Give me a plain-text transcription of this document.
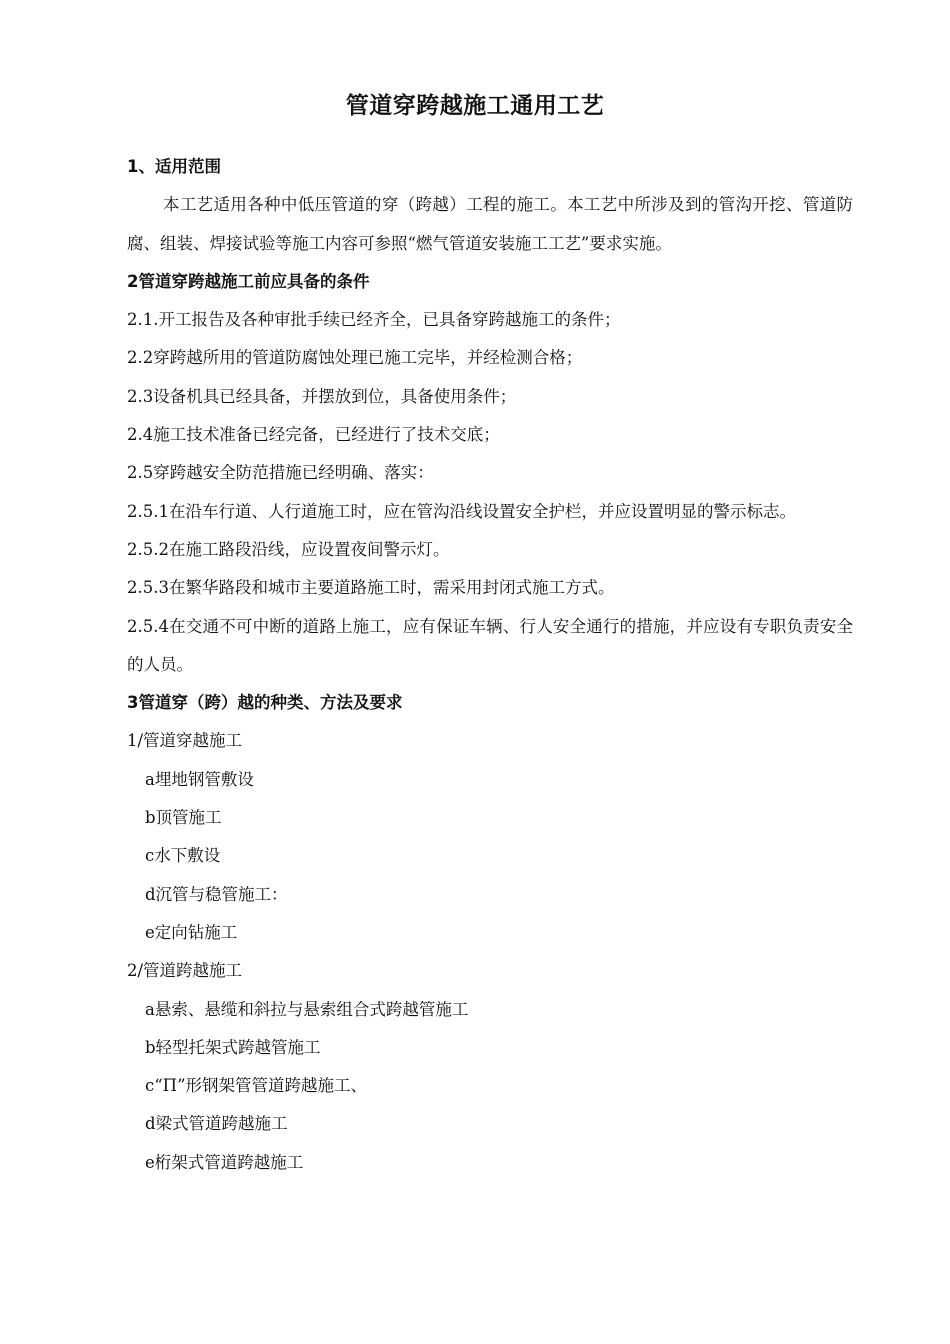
管道穿跨越施工通用工艺
1、适用范围

本工艺适用各种中低压管道的穿（跨越）工程的施工。本工艺中所涉及到的管沟开挖、管道防腐、组装、焊接试验等施工内容可参照“燃气管道安装施工工艺”要求实施。

2管道穿跨越施工前应具备的条件

2.1.开工报告及各种审批手续已经齐全，已具备穿跨越施工的条件；

2.2穿跨越所用的管道防腐蚀处理已施工完毕，并经检测合格；

2.3设备机具已经具备，并摆放到位，具备使用条件；

2.4施工技术准备已经完备，已经进行了技术交底；

2.5穿跨越安全防范措施已经明确、落实：

2.5.1在沿车行道、人行道施工时，应在管沟沿线设置安全护栏，并应设置明显的警示标志。

2.5.2在施工路段沿线，应设置夜间警示灯。

2.5.3在繁华路段和城市主要道路施工时，需采用封闭式施工方式。

2.5.4在交通不可中断的道路上施工，应有保证车辆、行人安全通行的措施，并应设有专职负责安全的人员。

3管道穿（跨）越的种类、方法及要求

1/管道穿越施工

a埋地钢管敷设

b顶管施工

c水下敷设

d沉管与稳管施工：

e定向钻施工

2/管道跨越施工

a悬索、悬缆和斜拉与悬索组合式跨越管施工

b轻型托架式跨越管施工

c“П”形钢架管管道跨越施工、

d梁式管道跨越施工

e桁架式管道跨越施工
